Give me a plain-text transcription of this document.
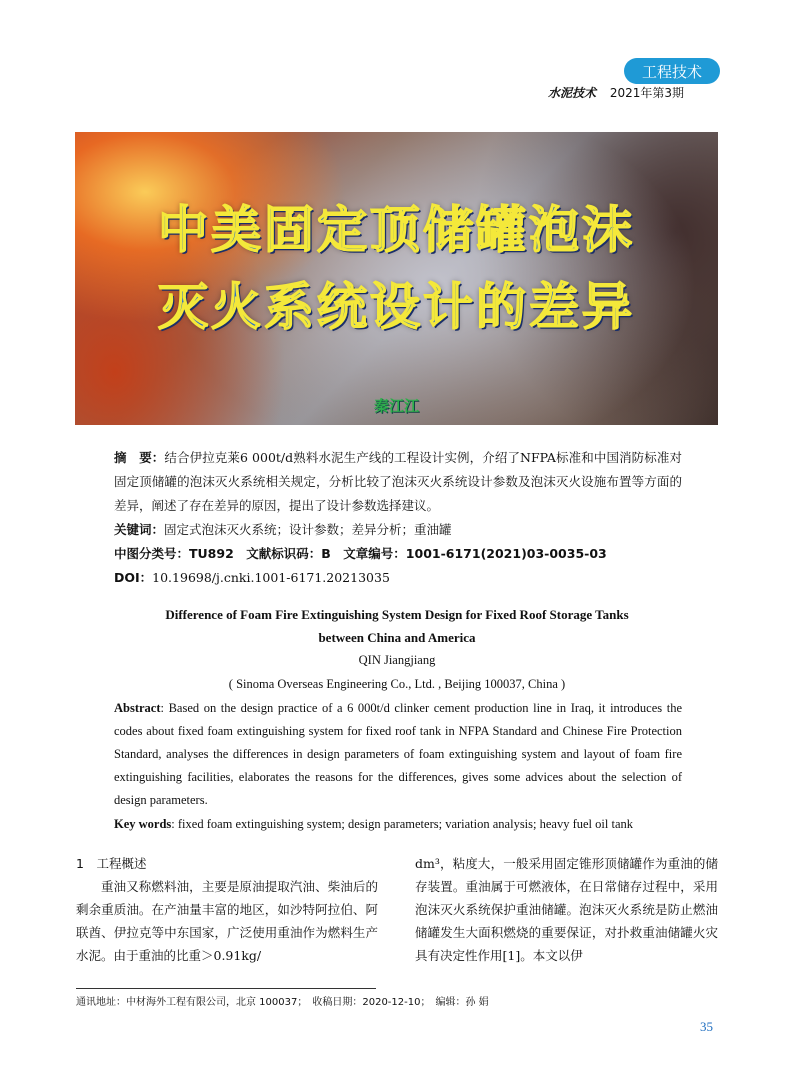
工程技术
水泥技术 2021年第3期
中美固定顶储罐泡沫
灭火系统设计的差异
秦江江
摘　要：结合伊拉克莱6 000t/d熟料水泥生产线的工程设计实例，介绍了NFPA标准和中国消防标准对固定顶储罐的泡沫灭火系统相关规定，分析比较了泡沫灭火系统设计参数及泡沫灭火设施布置等方面的差异，阐述了存在差异的原因，提出了设计参数选择建议。
关键词：固定式泡沫灭火系统；设计参数；差异分析；重油罐
中图分类号：TU892　文献标识码：B　文章编号：1001-6171(2021)03-0035-03
DOI：10.19698/j.cnki.1001-6171.20213035
Difference of Foam Fire Extinguishing System Design for Fixed Roof Storage Tanks
between China and America
QIN Jiangjiang
( Sinoma Overseas Engineering Co., Ltd. , Beijing 100037, China )
Abstract: Based on the design practice of a 6 000t/d clinker cement production line in Iraq, it introduces the codes about fixed foam extinguishing system for fixed roof tank in NFPA Standard and Chinese Fire Protection Standard, analyses the differences in design parameters of foam extinguishing system and layout of foam fire extinguishing facilities, elaborates the reasons for the differences, gives some advices about the selection of design parameters.
Key words: fixed foam extinguishing system; design parameters; variation analysis; heavy fuel oil tank
1　工程概述
重油又称燃料油，主要是原油提取汽油、柴油后的剩余重质油。在产油量丰富的地区，如沙特阿拉伯、阿联酋、伊拉克等中东国家，广泛使用重油作为燃料生产水泥。由于重油的比重＞0.91kg/
dm³，粘度大，一般采用固定锥形顶储罐作为重油的储存装置。重油属于可燃液体，在日常储存过程中，采用泡沫灭火系统保护重油储罐。泡沫灭火系统是防止燃油储罐发生大面积燃烧的重要保证，对扑救重油储罐火灾具有决定性作用[1]。本文以伊
通讯地址：中材海外工程有限公司，北京 100037；　收稿日期：2020-12-10；　编辑：孙 娟
35
